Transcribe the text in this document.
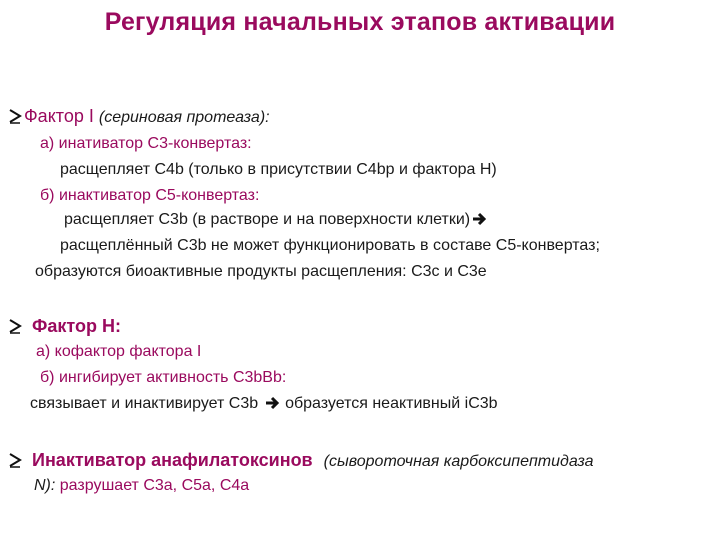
Регуляция начальных этапов активации
Фактор I (сериновая протеаза):
а) инативатор С3-конвертаз:
расщепляет С4b (только в присутствии С4bp и фактора Н)
б) инактиватор С5-конвертаз:
расщепляет С3b (в растворе и на поверхности клетки)
расщеплённый С3b не может функционировать в составе С5-конвертаз;
образуются биоактивные продукты расщепления: С3с и С3е
Фактор Н:
а) кофактор фактора I
б) ингибирует активность С3bBb:
связывает и инактивирует С3b образуется неактивный iС3b
Инактиватор анафилатоксинов (сывороточная карбоксипептидаза
N): разрушает С3а, С5а, С4а
